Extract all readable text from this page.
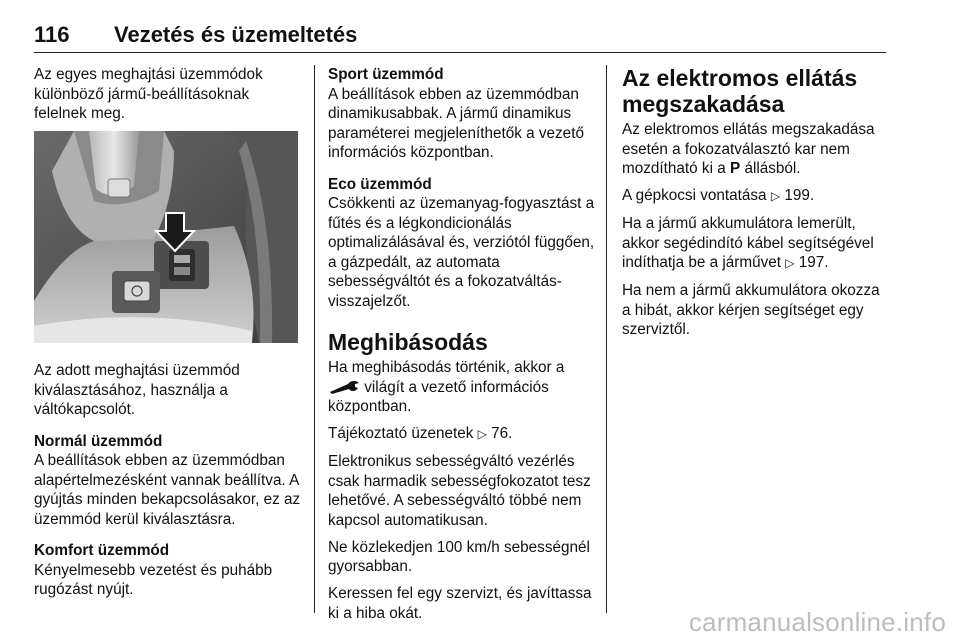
116 Vezetés és üzemeltetés

Az egyes meghajtási üzemmódok különböző jármű-beállításoknak felelnek meg.

Az adott meghajtási üzemmód kiválasztásához, használja a váltókapcsolót.

Normál üzemmód

A beállítások ebben az üzemmódban alapértelmezésként vannak beállítva. A gyújtás minden bekapcsolásakor, ez az üzemmód kerül kiválasztásra.

Komfort üzemmód

Kényelmesebb vezetést és puhább rugózást nyújt.

Sport üzemmód

A beállítások ebben az üzemmódban dinamikusabbak. A jármű dinamikus paraméterei megjeleníthetők a vezető információs központban.

Eco üzemmód

Csökkenti az üzemanyag-fogyasztást a fűtés és a légkondicionálás optimalizálásával és, verziótól függően, a gázpedált, az automata sebességváltót és a fokozatváltás-visszajelzőt.

Meghibásodás

Ha meghibásodás történik, akkor a
világít a vezető információs központban.

Tájékoztató üzenetek ▷ 76.

Elektronikus sebességváltó vezérlés csak harmadik sebességfokozatot tesz lehetővé. A sebességváltó többé nem kapcsol automatikusan.

Ne közlekedjen 100 km/h sebességnél gyorsabban.

Keressen fel egy szervizt, és javíttassa ki a hiba okát.

Az elektromos ellátás megszakadása

Az elektromos ellátás megszakadása esetén a fokozatválasztó kar nem mozdítható ki a P állásból.

A gépkocsi vontatása ▷ 199.

Ha a jármű akkumulátora lemerült, akkor segédindító kábel segítségével indíthatja be a járművet ▷ 197.

Ha nem a jármű akkumulátora okozza a hibát, akkor kérjen segítséget egy szerviztől.

carmanualsonline.info
